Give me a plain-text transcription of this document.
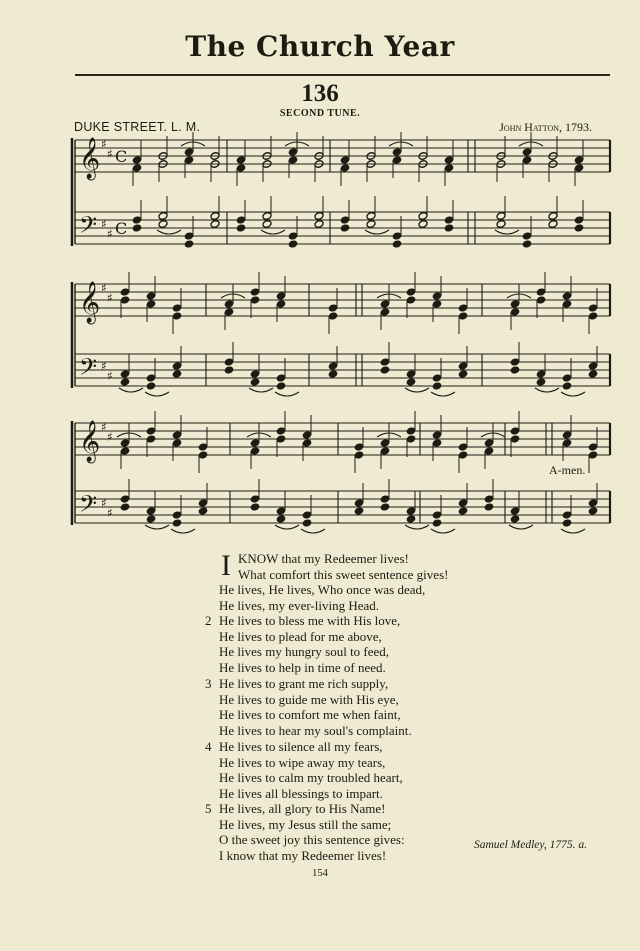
The Church Year
136
SECOND TUNE.
DUKE STREET. L. M.	John Hatton, 1793.
𝄞
𝄢
♯
♯
♯
♯
C
C
𝄞
𝄢
♯
♯
♯
♯
𝄞
𝄢
♯
♯
♯
♯
A-men.
I KNOW that my Redeemer lives!
What comfort this sweet sentence gives!
He lives, He lives, Who once was dead,
He lives, my ever-living Head.
2 He lives to bless me with His love,
He lives to plead for me above,
He lives my hungry soul to feed,
He lives to help in time of need.
3 He lives to grant me rich supply,
He lives to guide me with His eye,
He lives to comfort me when faint,
He lives to hear my soul's complaint.
4 He lives to silence all my fears,
He lives to wipe away my tears,
He lives to calm my troubled heart,
He lives all blessings to impart.
5 He lives, all glory to His Name!
He lives, my Jesus still the same;
O the sweet joy this sentence gives:
I know that my Redeemer lives!
Samuel Medley, 1775. a.
154
